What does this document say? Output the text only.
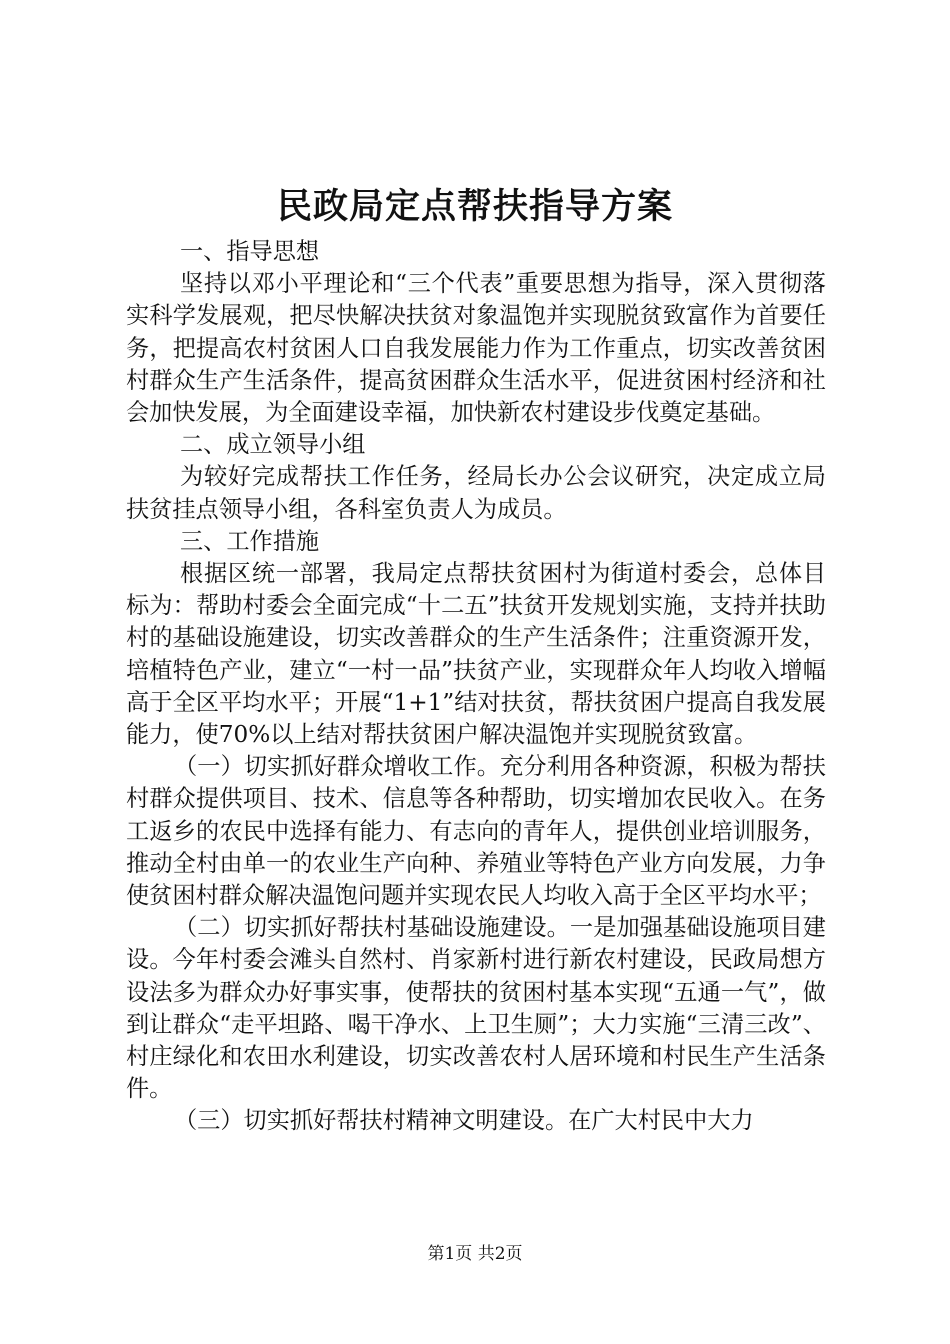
民政局定点帮扶指导方案

一、指导思想

坚持以邓小平理论和“三个代表”重要思想为指导，深入贯彻落实科学发展观，把尽快解决扶贫对象温饱并实现脱贫致富作为首要任务，把提高农村贫困人口自我发展能力作为工作重点，切实改善贫困村群众生产生活条件，提高贫困群众生活水平，促进贫困村经济和社会加快发展，为全面建设幸福，加快新农村建设步伐奠定基础。

二、成立领导小组

为较好完成帮扶工作任务，经局长办公会议研究，决定成立局扶贫挂点领导小组，各科室负责人为成员。

三、工作措施

根据区统一部署，我局定点帮扶贫困村为街道村委会，总体目标为：帮助村委会全面完成“十二五”扶贫开发规划实施，支持并扶助村的基础设施建设，切实改善群众的生产生活条件；注重资源开发，培植特色产业，建立“一村一品”扶贫产业，实现群众年人均收入增幅高于全区平均水平；开展“1+1”结对扶贫，帮扶贫困户提高自我发展能力，使70%以上结对帮扶贫困户解决温饱并实现脱贫致富。

（一）切实抓好群众增收工作。充分利用各种资源，积极为帮扶村群众提供项目、技术、信息等各种帮助，切实增加农民收入。在务工返乡的农民中选择有能力、有志向的青年人，提供创业培训服务，推动全村由单一的农业生产向种、养殖业等特色产业方向发展，力争使贫困村群众解决温饱问题并实现农民人均收入高于全区平均水平；

（二）切实抓好帮扶村基础设施建设。一是加强基础设施项目建设。今年村委会滩头自然村、肖家新村进行新农村建设，民政局想方设法多为群众办好事实事，使帮扶的贫困村基本实现“五通一气”，做到让群众“走平坦路、喝干净水、上卫生厕”；大力实施“三清三改”、村庄绿化和农田水利建设，切实改善农村人居环境和村民生产生活条件。

（三）切实抓好帮扶村精神文明建设。在广大村民中大力

第1页 共2页
